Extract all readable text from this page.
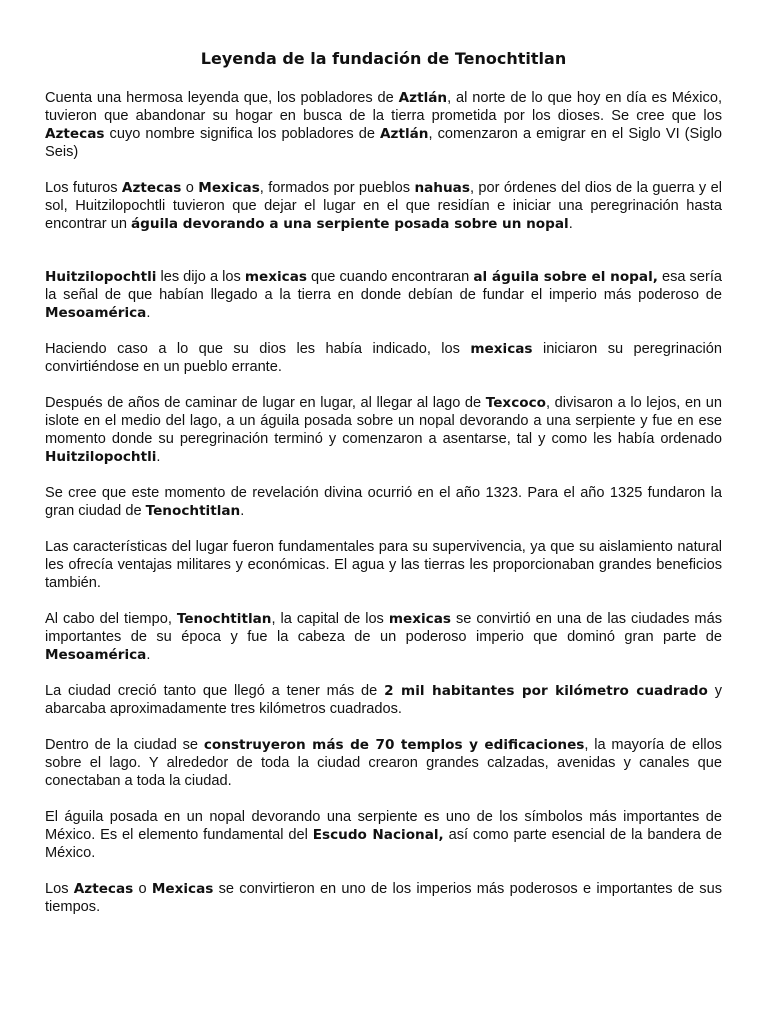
Leyenda de la fundación de Tenochtitlan

Cuenta una hermosa leyenda que, los pobladores de Aztlán, al norte de lo que hoy en día es México, tuvieron que abandonar su hogar en busca de la tierra prometida por los dioses. Se cree que los Aztecas cuyo nombre significa los pobladores de Aztlán, comenzaron a emigrar en el Siglo VI (Siglo Seis)

Los futuros Aztecas o Mexicas, formados por pueblos nahuas, por órdenes del dios de la guerra y el sol, Huitzilopochtli tuvieron que dejar el lugar en el que residían e iniciar una peregrinación hasta encontrar un águila devorando a una serpiente posada sobre un nopal.

Huitzilopochtli les dijo a los mexicas que cuando encontraran al águila sobre el nopal, esa sería la señal de que habían llegado a la tierra en donde debían de fundar el imperio más poderoso de Mesoamérica.

Haciendo caso a lo que su dios les había indicado, los mexicas iniciaron su peregrinación convirtiéndose en un pueblo errante.

Después de años de caminar de lugar en lugar, al llegar al lago de Texcoco, divisaron a lo lejos, en un islote en el medio del lago, a un águila posada sobre un nopal devorando a una serpiente y fue en ese momento donde su peregrinación terminó y comenzaron a asentarse, tal y como les había ordenado Huitzilopochtli.

Se cree que este momento de revelación divina ocurrió en el año 1323. Para el año 1325 fundaron la gran ciudad de Tenochtitlan.

Las características del lugar fueron fundamentales para su supervivencia, ya que su aislamiento natural les ofrecía ventajas militares y económicas. El agua y las tierras les proporcionaban grandes beneficios también.

Al cabo del tiempo, Tenochtitlan, la capital de los mexicas se convirtió en una de las ciudades más importantes de su época y fue la cabeza de un poderoso imperio que dominó gran parte de Mesoamérica.

La ciudad creció tanto que llegó a tener más de 2 mil habitantes por kilómetro cuadrado y abarcaba aproximadamente tres kilómetros cuadrados.

Dentro de la ciudad se construyeron más de 70 templos y edificaciones, la mayoría de ellos sobre el lago. Y alrededor de toda la ciudad crearon grandes calzadas, avenidas y canales que conectaban a toda la ciudad.

El águila posada en un nopal devorando una serpiente es uno de los símbolos más importantes de México. Es el elemento fundamental del Escudo Nacional, así como parte esencial de la bandera de México.

Los Aztecas o Mexicas se convirtieron en uno de los imperios más poderosos e importantes de sus tiempos.
